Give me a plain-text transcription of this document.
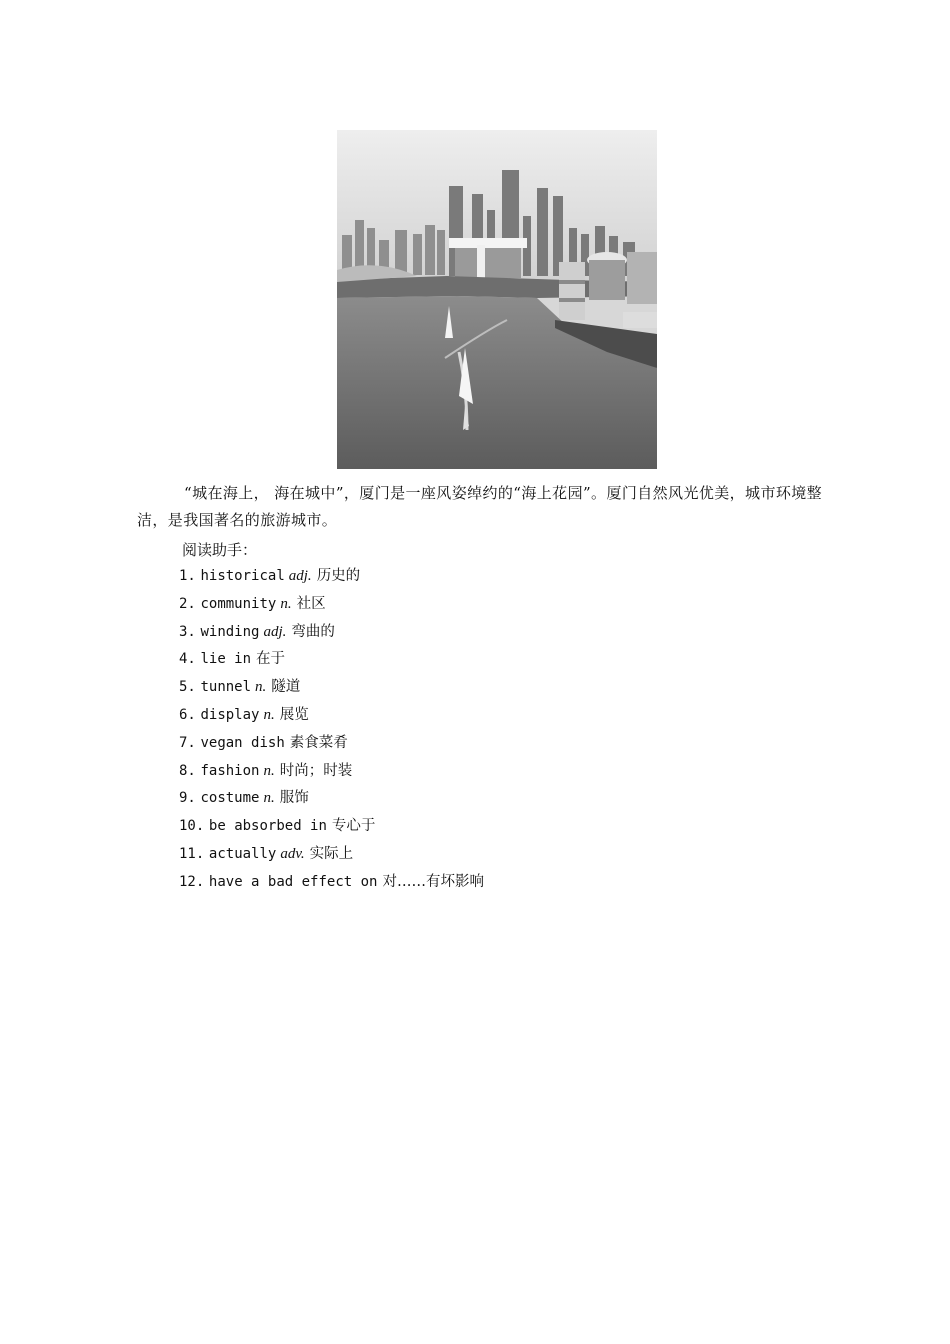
“城在海上， 海在城中”，厦门是一座风姿绰约的“海上花园”。厦门自然风光优美，城市环境整洁，是我国著名的旅游城市。

阅读助手：

1. historical adj. 历史的
2. community n. 社区
3. winding adj. 弯曲的
4. lie in 在于
5. tunnel n. 隧道
6. display n. 展览
7. vegan dish 素食菜肴
8. fashion n. 时尚；时装
9. costume n. 服饰
10. be absorbed in 专心于
11. actually adv. 实际上
12. have a bad effect on 对……有坏影响
